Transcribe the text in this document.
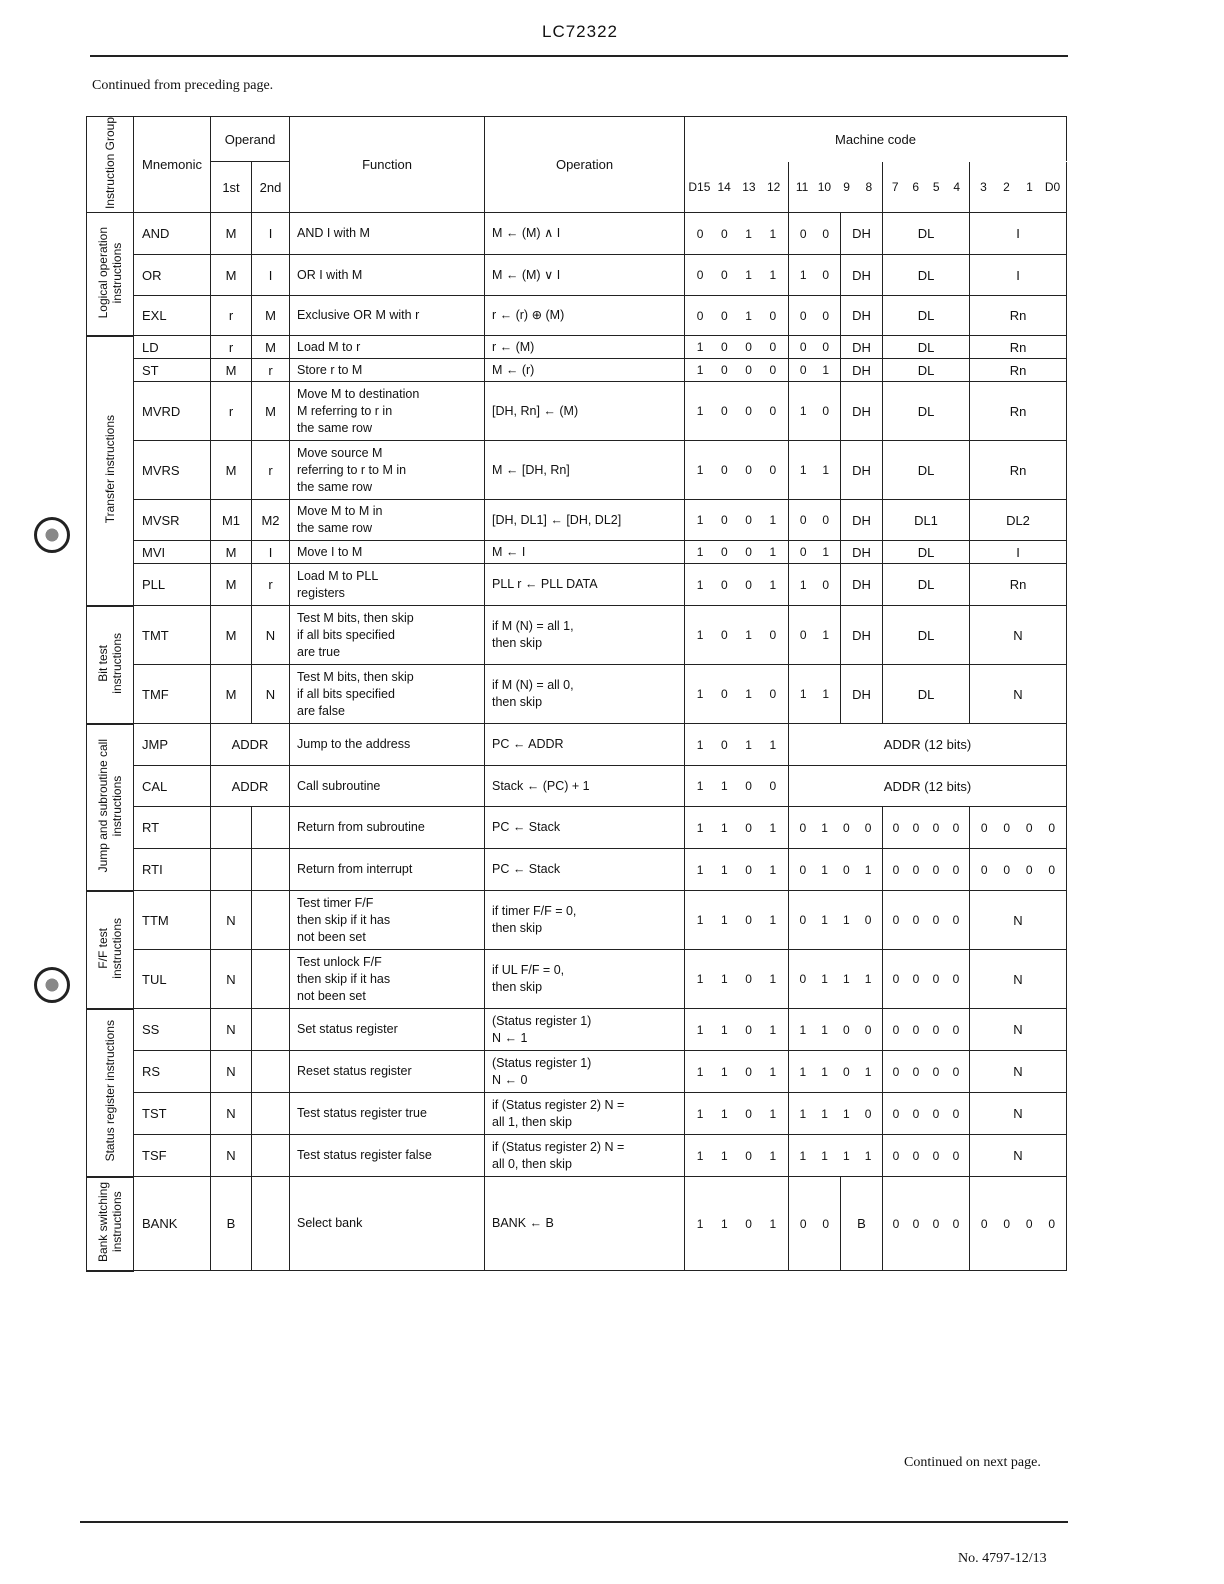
LC72322
Continued from preceding page.
Instruction Group	Mnemonic	Operand		Function	Operation	Machine code				
		1st	2nd			D15 14 13 12	11 10 9 8		7 6 5 4	3 2 1 D0

Logical operation
instructions	AND	M	I	AND I with M	M ← (M) ∧ I	0 0 1 1	0 0	DH	DL	I
	OR	M	I	OR I with M	M ← (M) ∨ I	0 0 1 1	1 0	DH	DL	I
	EXL	r	M	Exclusive OR M with r	r ← (r) ⊕ (M)	0 0 1 0	0 0	DH	DL	Rn
Transfer instructions	LD	r	M	Load M to r	r ← (M)	1 0 0 0	0 0	DH	DL	Rn
	ST	M	r	Store r to M	M ← (r)	1 0 0 0	0 1	DH	DL	Rn
	MVRD	r	M	Move M to destination
M referring to r in
the same row	[DH, Rn] ← (M)	1 0 0 0	1 0	DH	DL	Rn
	MVRS	M	r	Move source M
referring to r to M in
the same row	M ← [DH, Rn]	1 0 0 0	1 1	DH	DL	Rn
	MVSR	M1	M2	Move M to M in
the same row	[DH, DL1] ← [DH, DL2]	1 0 0 1	0 0	DH	DL1	DL2
	MVI	M	I	Move I to M	M ← I	1 0 0 1	0 1	DH	DL	I
	PLL	M	r	Load M to PLL
registers	PLL r ← PLL DATA	1 0 0 1	1 0	DH	DL	Rn
Bit test
instructions	TMT	M	N	Test M bits, then skip
if all bits specified
are true	if M (N) = all 1,
then skip	1 0 1 0	0 1	DH	DL	N
	TMF	M	N	Test M bits, then skip
if all bits specified
are false	if M (N) = all 0,
then skip	1 0 1 0	1 1	DH	DL	N
Jump and subroutine call
instructions	JMP	ADDR		Jump to the address	PC ← ADDR	1 0 1 1	ADDR (12 bits)			
	CAL	ADDR		Call subroutine	Stack ← (PC) + 1	1 1 0 0	ADDR (12 bits)			
	RT			Return from subroutine	PC ← Stack	1 1 0 1	0 1 0 0		0 0 0 0	0 0 0 0

	RTI			Return from interrupt	PC ← Stack	1 1 0 1	0 1 0 1		0 0 0 0	0 0 0 0

F/F test
instructions	TTM	N		Test timer F/F
then skip if it has
not been set	if timer F/F = 0,
then skip	1 1 0 1	0 1 1 0		0 0 0 0	N
	TUL	N		Test unlock F/F
then skip if it has
not been set	if UL F/F = 0,
then skip	1 1 0 1	0 1 1 1		0 0 0 0	N
Status register instructions	SS	N		Set status register	(Status register 1)
N ← 1	1 1 0 1	1 1 0 0		0 0 0 0	N
	RS	N		Reset status register	(Status register 1)
N ← 0	1 1 0 1	1 1 0 1		0 0 0 0	N
	TST	N		Test status register true	if (Status register 2) N =
all 1, then skip	1 1 0 1	1 1 1 0		0 0 0 0	N
	TSF	N		Test status register false	if (Status register 2) N =
all 0, then skip	1 1 0 1	1 1 1 1		0 0 0 0	N
Bank switching
instructions	BANK	B		Select bank	BANK ← B	1 1 0 1	0 0	B	0 0 0 0	0 0 0 0
Continued on next page.
No. 4797-12/13
